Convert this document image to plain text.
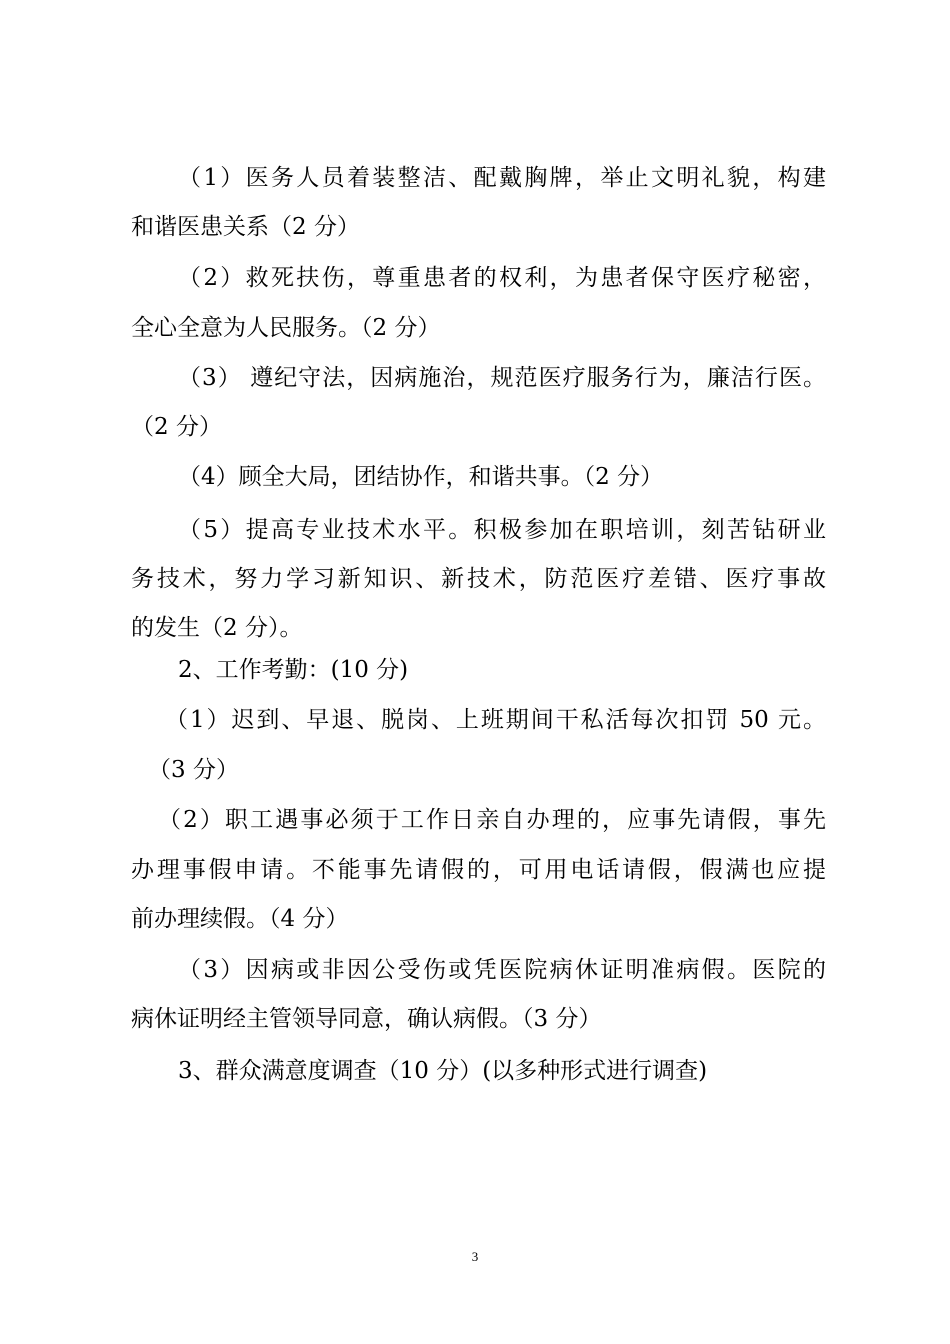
（1）医务人员着装整洁、配戴胸牌，举止文明礼貌，构建
和谐医患关系（2 分）
（2）救死扶伤，尊重患者的权利，为患者保守医疗秘密，
全心全意为人民服务。（2 分）
（3） 遵纪守法，因病施治，规范医疗服务行为，廉洁行医。
（2 分）
（4）顾全大局，团结协作，和谐共事。（2 分）
（5）提高专业技术水平。积极参加在职培训，刻苦钻研业
务技术，努力学习新知识、新技术，防范医疗差错、医疗事故
的发生（2 分）。
2、工作考勤：(10 分)
（1）迟到、早退、脱岗、上班期间干私活每次扣罚 50 元。
（3 分）
（2）职工遇事必须于工作日亲自办理的，应事先请假，事先
办理事假申请。不能事先请假的，可用电话请假，假满也应提
前办理续假。（4 分）
（3）因病或非因公受伤或凭医院病休证明准病假。医院的
病休证明经主管领导同意，确认病假。（3 分）
3、群众满意度调查（10 分）(以多种形式进行调查)
3
